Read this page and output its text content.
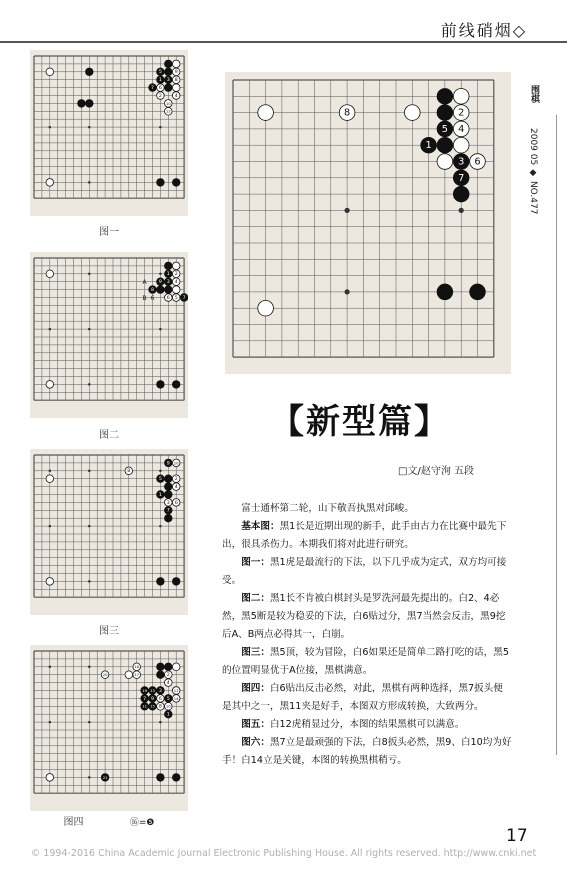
前线硝烟◇
围棋
2009 05 ◆ NO.477
9
5
1 3 8
7 6
2	4
10
12
图一
1 2
9 3 4
8
6 5 7
A
B 6
图二
9 10
8
5	2
4
1
3 6
7
图三
18
20	17	2
4
19 13 3	12
7 9 6 5 14
11 15 8 10
1
21
图四	⑯=❺
8	2
5 4
1
3 6
7
【新型篇】
□文/赵守洵 五段

富士通杯第二轮，山下敬吾执黑对邱峻。

基本图：黑1长是近期出现的新手，此手由古力在比赛中最先下出，很具杀伤力。本期我们将对此进行研究。

图一：黑1虎是最流行的下法，以下几乎成为定式，双方均可接受。

图二：黑1长不肯被白棋封头是罗洗河最先提出的。白2、4必然，黑5断是较为稳妥的下法，白6贴过分，黑7当然会反击，黑9挖后A、B两点必得其一，白崩。

图三：黑5顶，较为冒险，白6如果还是简单二路打吃的话，黑5的位置明显优于A位接，黑棋满意。

图四：白6贴出反击必然，对此，黑棋有两种选择，黑7扳头便是其中之一，黑11夹是好手，本图双方形成转换，大致两分。

图五：白12虎稍显过分，本图的结果黑棋可以满意。

图六：黑7立是最顽强的下法，白8扳头必然，黑9、白10均为好手！白14立是关键，本图的转换黑棋稍亏。

17
© 1994-2016 China Academic Journal Electronic Publishing House. All rights reserved. http://www.cnki.net
